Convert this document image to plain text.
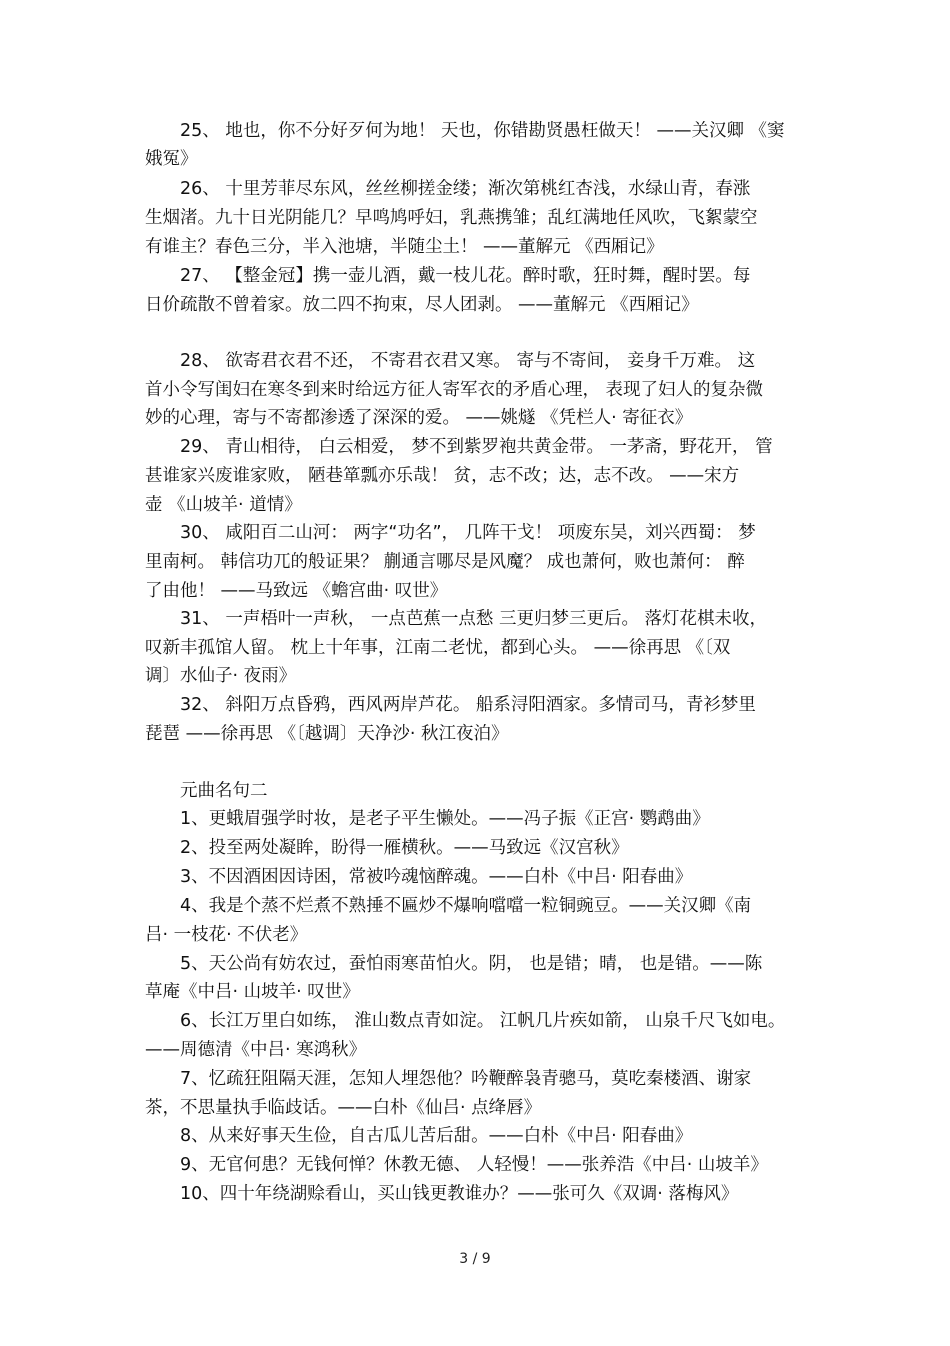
25、 地也，你不分好歹何为地！ 天也，你错勘贤愚枉做天！ ——关汉卿 《窦
娥冤》
26、 十里芳菲尽东风，丝丝柳搓金缕；渐次第桃红杏浅，水绿山青，春涨
生烟渚。九十日光阴能几？早鸣鸠呼妇，乳燕携雏；乱红满地任风吹，飞絮蒙空
有谁主？春色三分，半入池塘，半随尘土！ ——董解元 《西厢记》
27、 【整金冠】携一壶儿酒，戴一枝儿花。醉时歌，狂时舞，醒时罢。每
日价疏散不曾着家。放二四不拘束，尽人团剥。 ——董解元 《西厢记》
28、 欲寄君衣君不还， 不寄君衣君又寒。 寄与不寄间， 妾身千万难。 这
首小令写闺妇在寒冬到来时给远方征人寄军衣的矛盾心理， 表现了妇人的复杂微
妙的心理，寄与不寄都渗透了深深的爱。 ——姚燧 《凭栏人· 寄征衣》
29、 青山相待， 白云相爱， 梦不到紫罗袍共黄金带。 一茅斋，野花开， 管
甚谁家兴废谁家败， 陋巷箪瓢亦乐哉！ 贫，志不改；达，志不改。 ——宋方
壶 《山坡羊· 道情》
30、 咸阳百二山河： 两字“功名”， 几阵干戈！ 项废东吴，刘兴西蜀： 梦
里南柯。 韩信功兀的般证果？ 蒯通言哪尽是风魔？ 成也萧何，败也萧何： 醉
了由他！ ——马致远 《蟾宫曲· 叹世》
31、 一声梧叶一声秋， 一点芭蕉一点愁 三更归梦三更后。 落灯花棋未收，
叹新丰孤馆人留。 枕上十年事，江南二老忧，都到心头。 ——徐再思 《〔双
调〕水仙子· 夜雨》
32、 斜阳万点昏鸦，西风两岸芦花。 船系浔阳酒家。多情司马，青衫梦里
琵琶 ——徐再思 《〔越调〕天净沙· 秋江夜泊》
元曲名句二
1、更蛾眉强学时妆，是老子平生懒处。——冯子振《正宫· 鹦鹉曲》
2、投至两处凝眸，盼得一雁横秋。——马致远《汉宫秋》
3、不因酒困因诗困，常被吟魂恼醉魂。——白朴《中吕· 阳春曲》
4、我是个蒸不烂煮不熟捶不匾炒不爆响噹噹一粒铜豌豆。——关汉卿《南
吕· 一枝花· 不伏老》
5、天公尚有妨农过，蚕怕雨寒苗怕火。阴， 也是错；晴， 也是错。——陈
草庵《中吕· 山坡羊· 叹世》
6、长江万里白如练， 淮山数点青如淀。 江帆几片疾如箭， 山泉千尺飞如电。
——周德清《中吕· 寒鸿秋》
7、忆疏狂阻隔天涯，怎知人埋怨他？吟鞭醉袅青骢马，莫吃秦楼酒、谢家
茶，不思量执手临歧话。——白朴《仙吕· 点绛唇》
8、从来好事天生俭，自古瓜儿苦后甜。——白朴《中吕· 阳春曲》
9、无官何患？无钱何惮？休教无德、 人轻慢！——张养浩《中吕· 山坡羊》
10、四十年绕湖赊看山，买山钱更教谁办？——张可久《双调· 落梅风》
3 / 9
